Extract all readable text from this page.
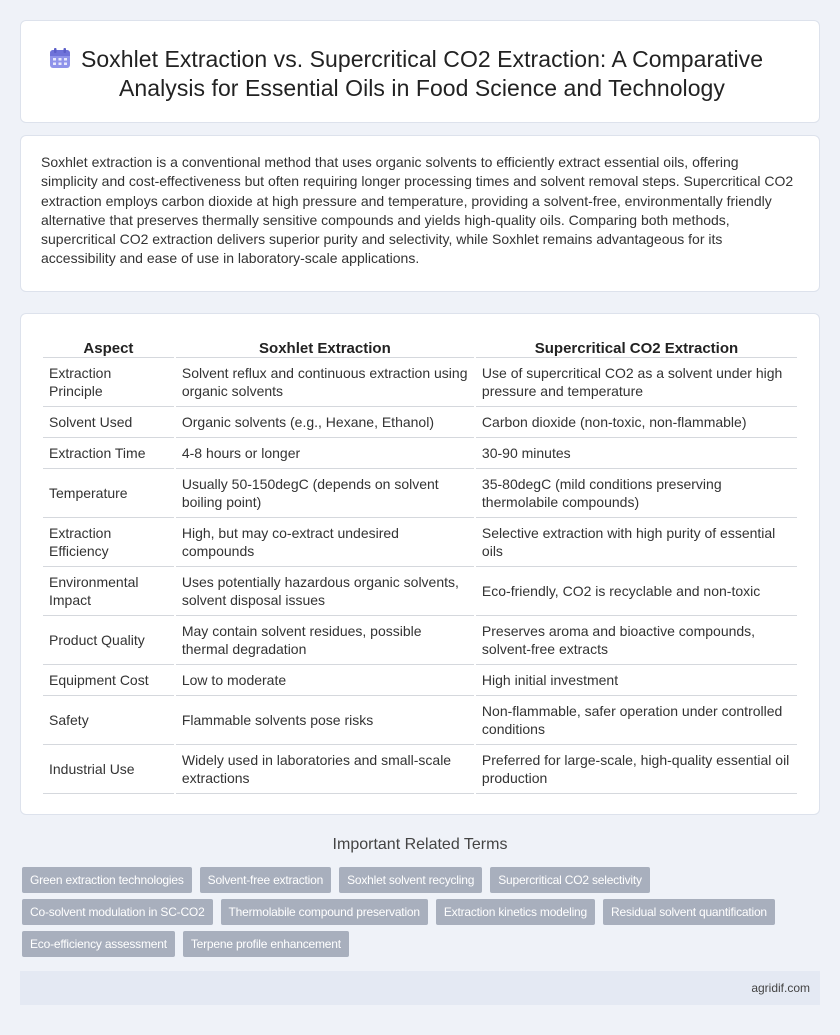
Soxhlet Extraction vs. Supercritical CO2 Extraction: A Comparative Analysis for Essential Oils in Food Science and Technology

Soxhlet extraction is a conventional method that uses organic solvents to efficiently extract essential oils, offering simplicity and cost-effectiveness but often requiring longer processing times and solvent removal steps. Supercritical CO2 extraction employs carbon dioxide at high pressure and temperature, providing a solvent-free, environmentally friendly alternative that preserves thermally sensitive compounds and yields high-quality oils. Comparing both methods, supercritical CO2 extraction delivers superior purity and selectivity, while Soxhlet remains advantageous for its accessibility and ease of use in laboratory-scale applications.

Aspect	Soxhlet Extraction	Supercritical CO2 Extraction
Extraction Principle	Solvent reflux and continuous extraction using organic solvents	Use of supercritical CO2 as a solvent under high pressure and temperature
Solvent Used	Organic solvents (e.g., Hexane, Ethanol)	Carbon dioxide (non-toxic, non-flammable)
Extraction Time	4-8 hours or longer	30-90 minutes
Temperature	Usually 50-150degC (depends on solvent boiling point)	35-80degC (mild conditions preserving thermolabile compounds)
Extraction Efficiency	High, but may co-extract undesired compounds	Selective extraction with high purity of essential oils
Environmental Impact	Uses potentially hazardous organic solvents, solvent disposal issues	Eco-friendly, CO2 is recyclable and non-toxic
Product Quality	May contain solvent residues, possible thermal degradation	Preserves aroma and bioactive compounds, solvent-free extracts
Equipment Cost	Low to moderate	High initial investment
Safety	Flammable solvents pose risks	Non-flammable, safer operation under controlled conditions
Industrial Use	Widely used in laboratories and small-scale extractions	Preferred for large-scale, high-quality essential oil production
Important Related Terms
Green extraction technologies	Solvent-free extraction	Soxhlet solvent recycling	Supercritical CO2 selectivity
Co-solvent modulation in SC-CO2	Thermolabile compound preservation	Extraction kinetics modeling	Residual solvent quantification
Eco-efficiency assessment	Terpene profile enhancement
agridif.com
